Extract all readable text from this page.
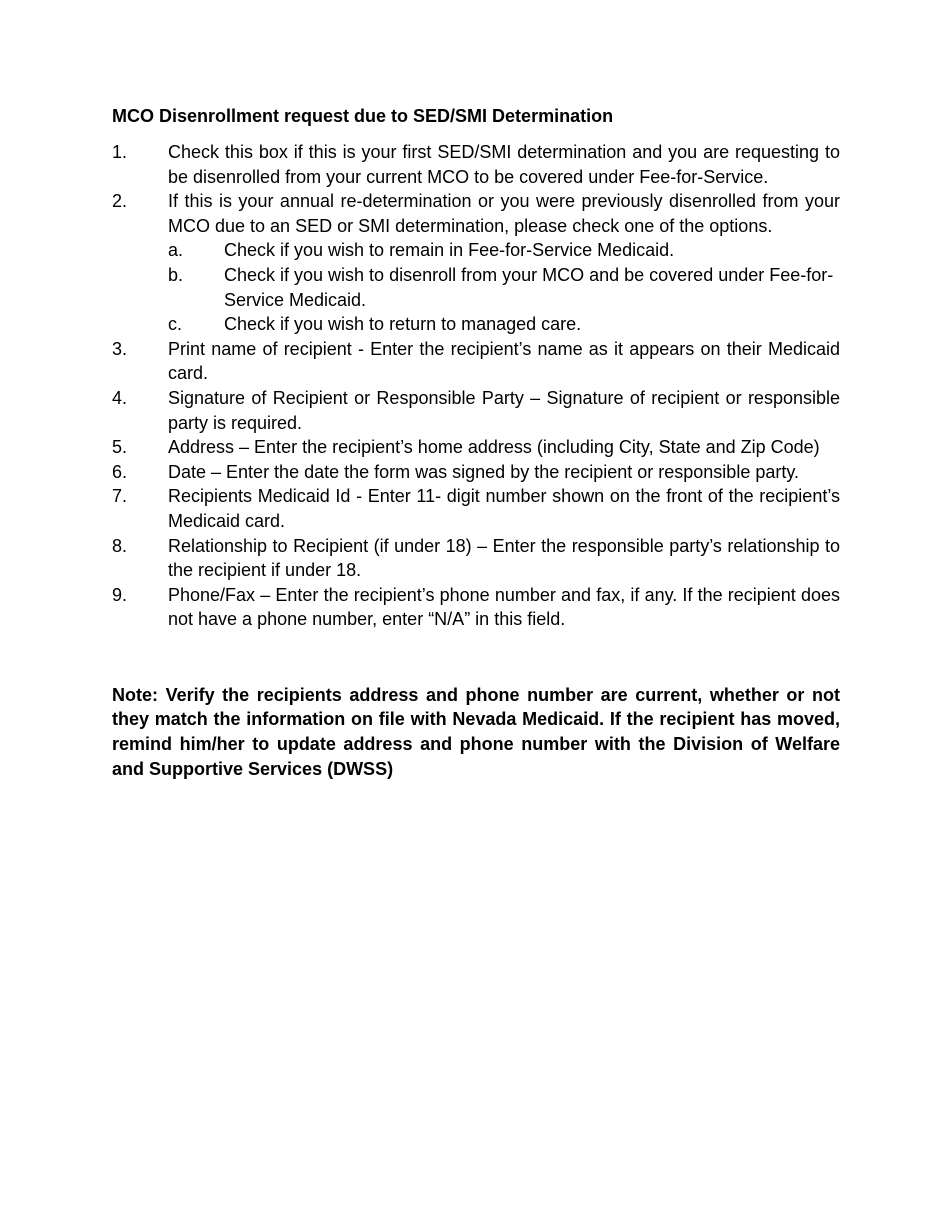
MCO Disenrollment request due to SED/SMI Determination
1. Check this box if this is your first SED/SMI determination and you are requesting to be disenrolled from your current MCO to be covered under Fee-for-Service.
2. If this is your annual re-determination or you were previously disenrolled from your MCO due to an SED or SMI determination, please check one of the options.
a. Check if you wish to remain in Fee-for-Service Medicaid.
b. Check if you wish to disenroll from your MCO and be covered under Fee-for-Service Medicaid.
c. Check if you wish to return to managed care.
3. Print name of recipient - Enter the recipient’s name as it appears on their Medicaid card.
4. Signature of Recipient or Responsible Party – Signature of recipient or responsible party is required.
5. Address – Enter the recipient’s home address (including City, State and Zip Code)
6. Date – Enter the date the form was signed by the recipient or responsible party.
7. Recipients Medicaid Id - Enter 11- digit number shown on the front of the recipient’s Medicaid card.
8. Relationship to Recipient (if under 18) – Enter the responsible party’s relationship to the recipient if under 18.
9. Phone/Fax – Enter the recipient’s phone number and fax, if any. If the recipient does not have a phone number, enter “N/A” in this field.
Note: Verify the recipients address and phone number are current, whether or not they match the information on file with Nevada Medicaid. If the recipient has moved, remind him/her to update address and phone number with the Division of Welfare and Supportive Services (DWSS)
